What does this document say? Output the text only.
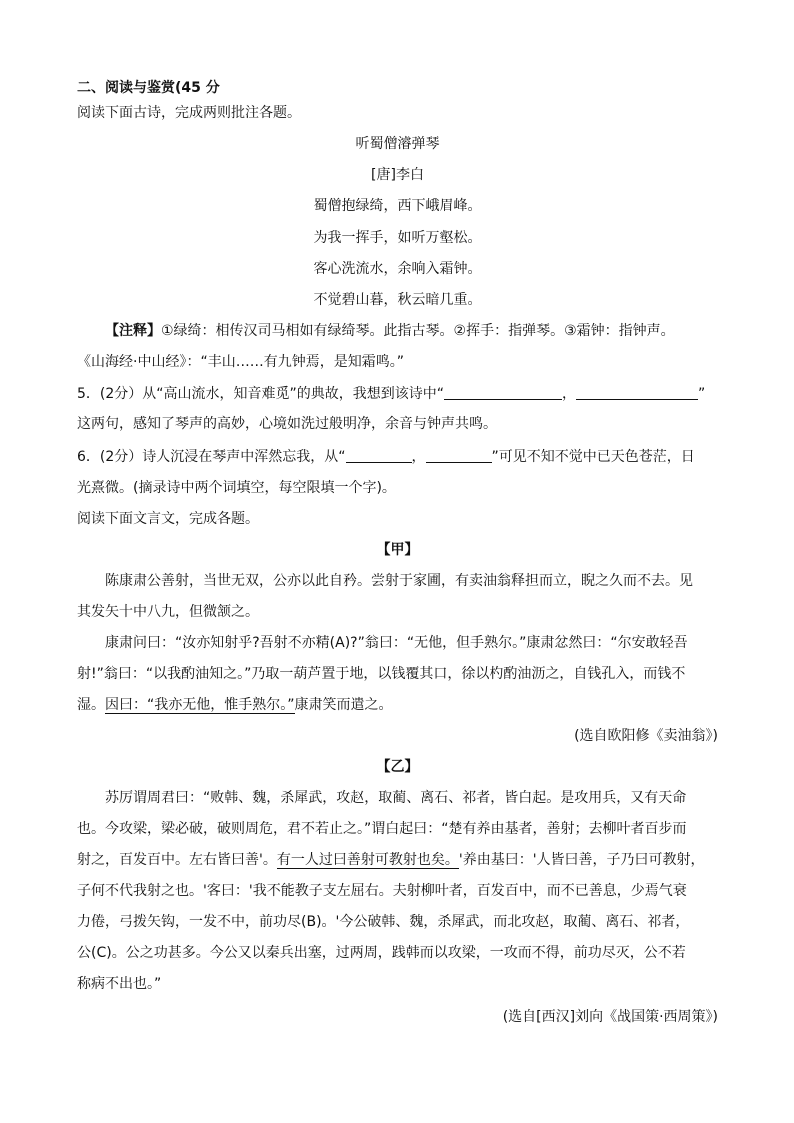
二、阅读与鉴赏(45 分
阅读下面古诗，完成两则批注各题。
听蜀僧濬弹琴
[唐]李白
蜀僧抱绿绮，西下峨眉峰。
为我一挥手，如听万壑松。
客心洗流水，余响入霜钟。
不觉碧山暮，秋云暗几重。
【注释】①绿绮：相传汉司马相如有绿绮琴。此指古琴。②挥手：指弹琴。③霜钟：指钟声。
《山海经·中山经》：“丰山……有九钟焉，是知霜鸣。”
5．(2分）从“高山流水，知音难觅”的典故，我想到该诗中“	，	”
这两句，感知了琴声的高妙，心境如洗过般明净，余音与钟声共鸣。
6．(2分）诗人沉浸在琴声中浑然忘我，从“	，	”可见不知不觉中已天色苍茫，日
光熹微。(摘录诗中两个词填空，每空限填一个字)。
阅读下面文言文，完成各题。
【甲】
陈康肃公善射，当世无双，公亦以此自矜。尝射于家圃，有卖油翁释担而立，睨之久而不去。见
其发矢十中八九，但微颔之。
康肃问曰：“汝亦知射乎?吾射不亦精(A)?”翁曰：“无他，但手熟尔。”康肃忿然曰：“尔安敢轻吾
射!”翁曰：“以我酌油知之。”乃取一葫芦置于地，以钱覆其口，徐以杓酌油沥之，自钱孔入，而钱不
湿。因曰：“我亦无他，惟手熟尔。”康肃笑而遣之。
(选自欧阳修《卖油翁》)
【乙】
苏厉谓周君曰：“败韩、魏，杀犀武，攻赵，取蔺、离石、祁者，皆白起。是攻用兵，又有天命
也。今攻梁，梁必破，破则周危，君不若止之。”谓白起曰：“楚有养由基者，善射；去柳叶者百步而
射之，百发百中。左右皆曰善'。有一人过曰善射可教射也矣。'养由基曰：'人皆曰善，子乃曰可教射，
子何不代我射之也。'客曰：'我不能教子支左屈右。夫射柳叶者，百发百中，而不已善息，少焉气衰
力倦，弓拨矢钩，一发不中，前功尽(B)。'今公破韩、魏，杀犀武，而北攻赵，取蔺、离石、祁者，
公(C)。公之功甚多。今公又以秦兵出塞，过两周，践韩而以攻梁，一攻而不得，前功尽灭，公不若
称病不出也。”
(选自[西汉]刘向《战国策·西周策》)
